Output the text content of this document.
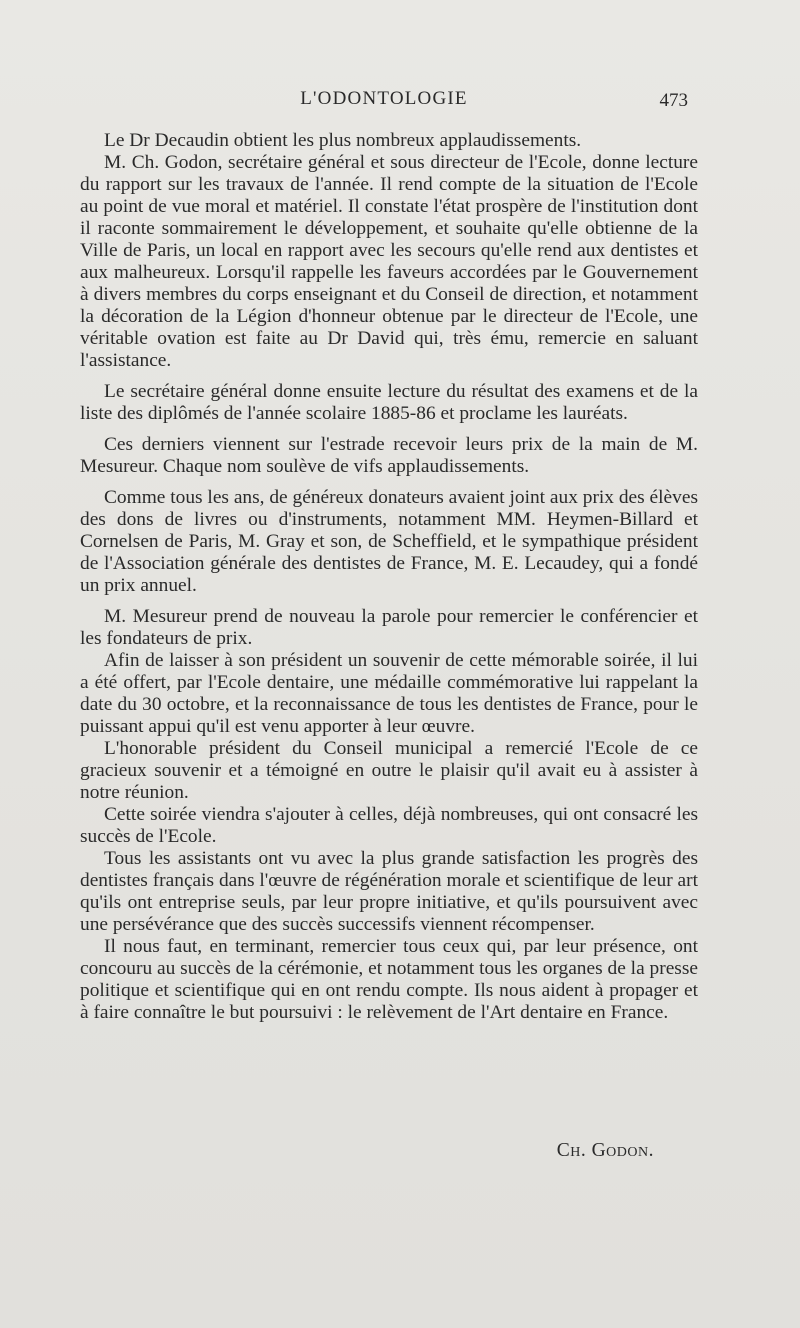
L'ODONTOLOGIE	473

Le Dr Decaudin obtient les plus nombreux applaudissements.

M. Ch. Godon, secrétaire général et sous directeur de l'Ecole, donne lecture du rapport sur les travaux de l'année. Il rend compte de la situation de l'Ecole au point de vue moral et matériel. Il constate l'état prospère de l'institution dont il raconte sommairement le développement, et souhaite qu'elle obtienne de la Ville de Paris, un local en rapport avec les secours qu'elle rend aux dentistes et aux malheureux. Lorsqu'il rappelle les faveurs accordées par le Gouvernement à divers membres du corps enseignant et du Conseil de direction, et notamment la décoration de la Légion d'honneur obtenue par le directeur de l'Ecole, une véritable ovation est faite au Dr David qui, très ému, remercie en saluant l'assistance.

Le secrétaire général donne ensuite lecture du résultat des examens et de la liste des diplômés de l'année scolaire 1885-86 et proclame les lauréats.

Ces derniers viennent sur l'estrade recevoir leurs prix de la main de M. Mesureur. Chaque nom soulève de vifs applaudissements.

Comme tous les ans, de généreux donateurs avaient joint aux prix des élèves des dons de livres ou d'instruments, notamment MM. Heymen-Billard et Cornelsen de Paris, M. Gray et son, de Scheffield, et le sympathique président de l'Association générale des dentistes de France, M. E. Lecaudey, qui a fondé un prix annuel.

M. Mesureur prend de nouveau la parole pour remercier le conférencier et les fondateurs de prix.

Afin de laisser à son président un souvenir de cette mémorable soirée, il lui a été offert, par l'Ecole dentaire, une médaille commémorative lui rappelant la date du 30 octobre, et la reconnaissance de tous les dentistes de France, pour le puissant appui qu'il est venu apporter à leur œuvre.

L'honorable président du Conseil municipal a remercié l'Ecole de ce gracieux souvenir et a témoigné en outre le plaisir qu'il avait eu à assister à notre réunion.

Cette soirée viendra s'ajouter à celles, déjà nombreuses, qui ont consacré les succès de l'Ecole.

Tous les assistants ont vu avec la plus grande satisfaction les progrès des dentistes français dans l'œuvre de régénération morale et scientifique de leur art qu'ils ont entreprise seuls, par leur propre initiative, et qu'ils poursuivent avec une persévérance que des succès successifs viennent récompenser.

Il nous faut, en terminant, remercier tous ceux qui, par leur présence, ont concouru au succès de la cérémonie, et notamment tous les organes de la presse politique et scientifique qui en ont rendu compte. Ils nous aident à propager et à faire connaître le but poursuivi : le relèvement de l'Art dentaire en France.

Ch. Godon.
